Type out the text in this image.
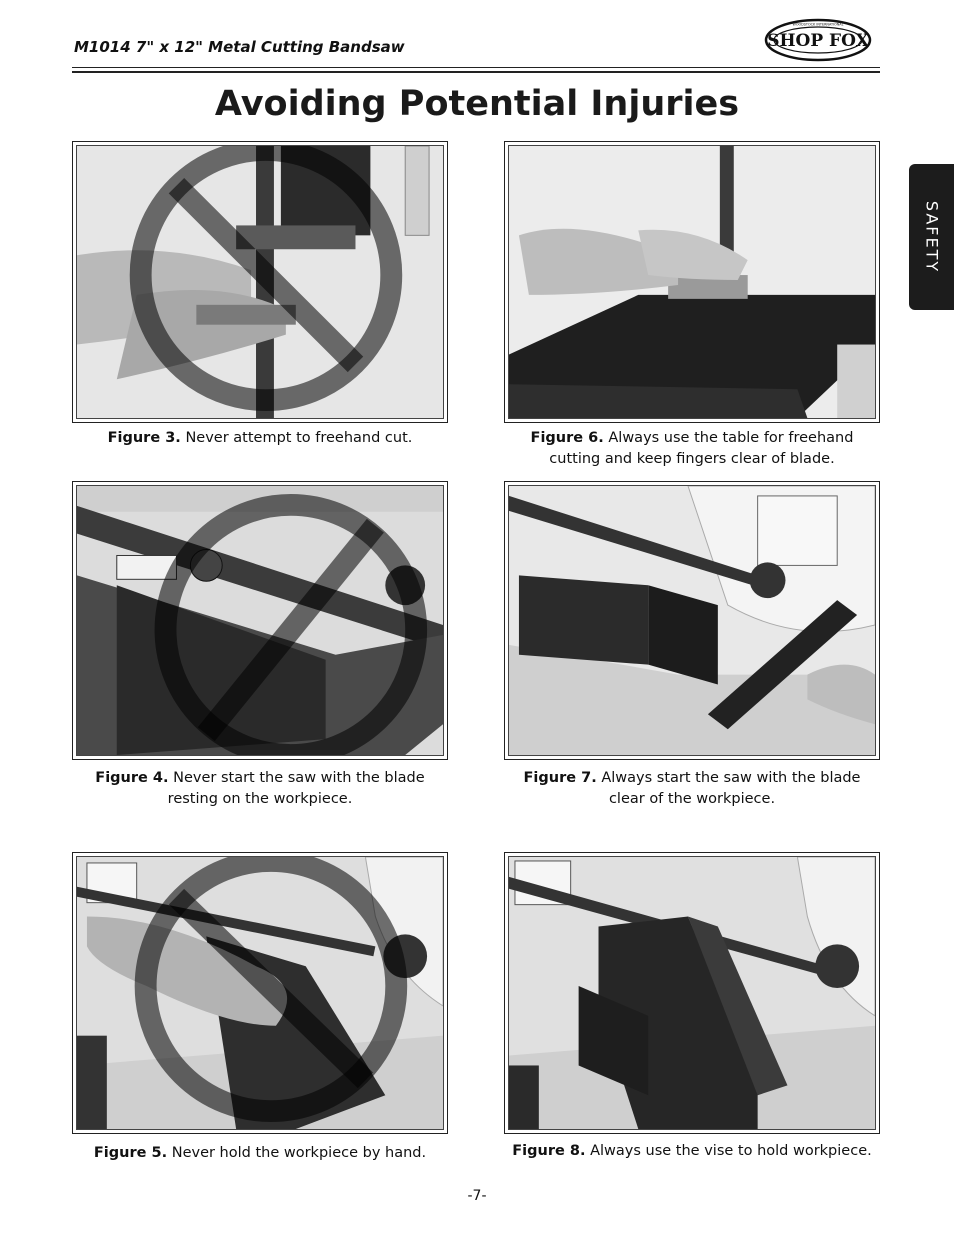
M1014 7" x 12" Metal Cutting Bandsaw	SHOP FOX
WOODSTOCK INTERNATIONAL
Avoiding Potential Injuries
SAFETY
Figure 3. Never attempt to freehand cut.	Figure 6. Always use the table for freehand cutting and keep fingers clear of blade.
Figure 4. Never start the saw with the blade resting on the workpiece.
Figure 7. Always start the saw with the blade clear of the workpiece.
Figure 5. Never hold the workpiece by hand.	Figure 8. Always use the vise to hold workpiece.
-7-
